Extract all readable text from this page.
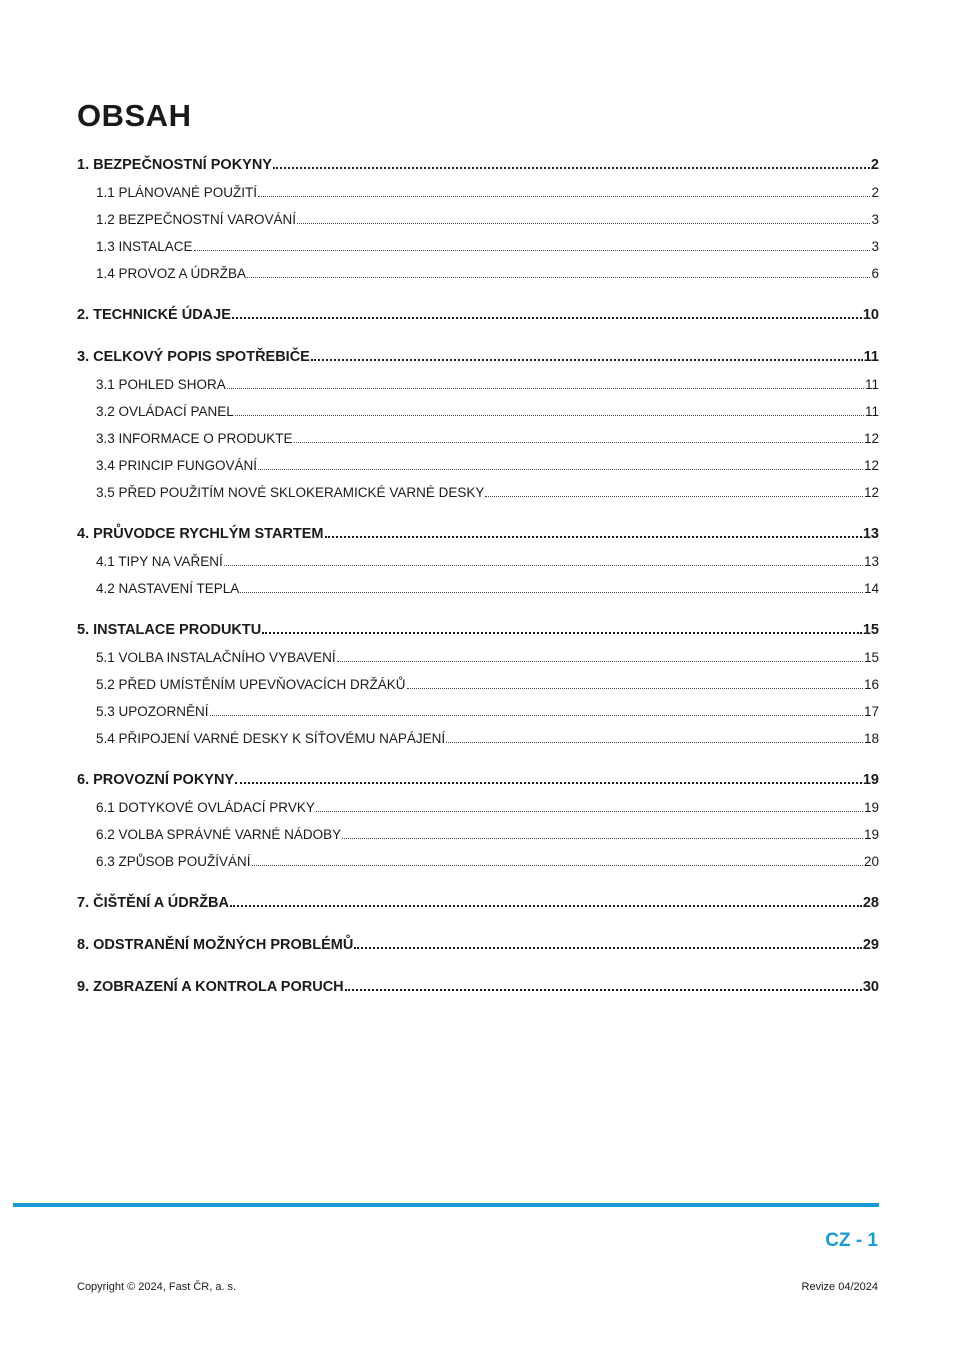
OBSAH
1. BEZPEČNOSTNÍ POKYNY	2
1.1 PLÁNOVANÉ POUŽITÍ	2
1.2 BEZPEČNOSTNÍ VAROVÁNÍ	3
1.3 INSTALACE	3
1.4 PROVOZ A ÚDRŽBA	6
2. TECHNICKÉ ÚDAJE	10
3. CELKOVÝ POPIS SPOTŘEBIČE	11
3.1 POHLED SHORA	11
3.2 OVLÁDACÍ PANEL	11
3.3 INFORMACE O PRODUKTE	12
3.4 PRINCIP FUNGOVÁNÍ	12
3.5 PŘED POUŽITÍM NOVÉ SKLOKERAMICKÉ VARNÉ DESKY	12
4. PRŮVODCE RYCHLÝM STARTEM	13
4.1 TIPY NA VAŘENÍ	13
4.2 NASTAVENÍ TEPLA	14
5. INSTALACE PRODUKTU	15
5.1 VOLBA INSTALAČNÍHO VYBAVENÍ	15
5.2 PŘED UMÍSTĚNÍM UPEVŇOVACÍCH DRŽÁKŮ	16
5.3 UPOZORNĚNÍ	17
5.4 PŘIPOJENÍ VARNÉ DESKY K SÍŤOVÉMU NAPÁJENÍ	18
6. PROVOZNÍ POKYNY	19
6.1 DOTYKOVÉ OVLÁDACÍ PRVKY	19
6.2 VOLBA SPRÁVNÉ VARNÉ NÁDOBY	19
6.3 ZPŮSOB POUŽÍVÁNÍ	20
7. ČIŠTĚNÍ A ÚDRŽBA	28
8. ODSTRANĚNÍ MOŽNÝCH PROBLÉMŮ	29
9. ZOBRAZENÍ A KONTROLA PORUCH	30
CZ - 1
Copyright © 2024, Fast ČR, a. s.	Revize 04/2024
